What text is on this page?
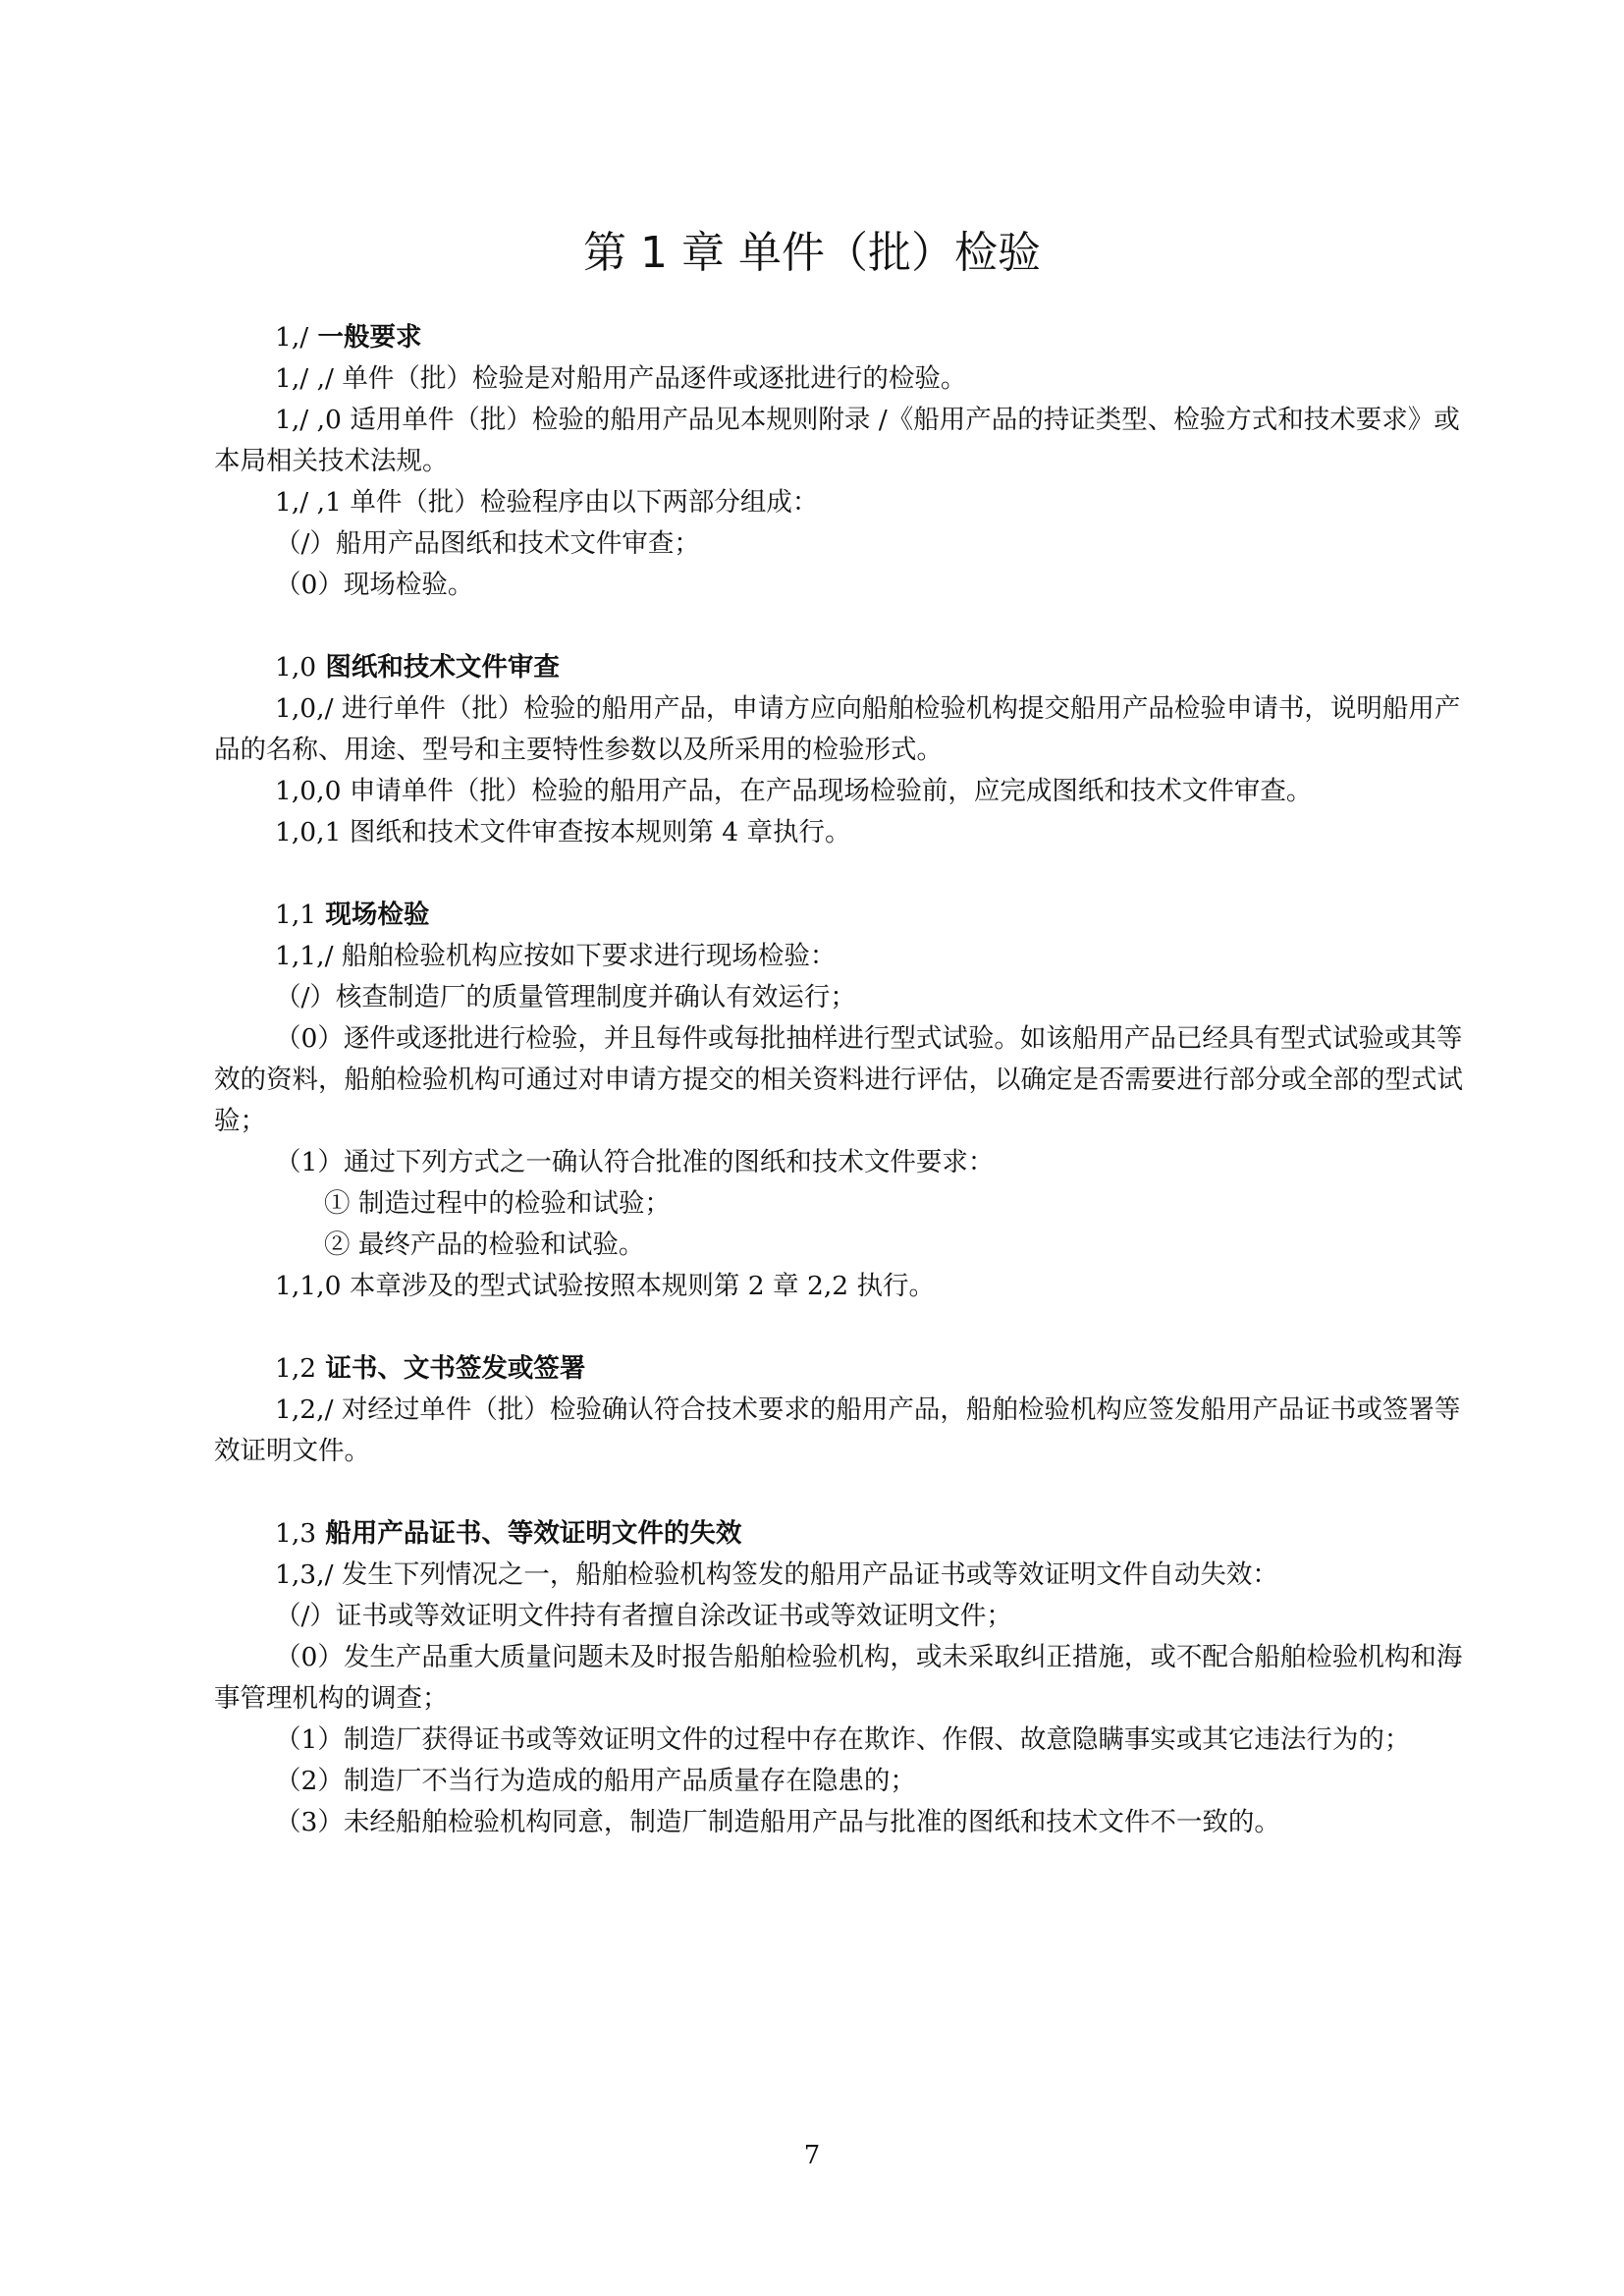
第 1 章 单件（批）检验

1,/ 一般要求

1,/ ,/ 单件（批）检验是对船用产品逐件或逐批进行的检验。

1,/ ,0 适用单件（批）检验的船用产品见本规则附录 /《船用产品的持证类型、检验方式和技术要求》或本局相关技术法规。

1,/ ,1 单件（批）检验程序由以下两部分组成：

（/）船用产品图纸和技术文件审查；

（0）现场检验。

1,0 图纸和技术文件审查

1,0,/ 进行单件（批）检验的船用产品，申请方应向船舶检验机构提交船用产品检验申请书，说明船用产品的名称、用途、型号和主要特性参数以及所采用的检验形式。

1,0,0 申请单件（批）检验的船用产品，在产品现场检验前，应完成图纸和技术文件审查。

1,0,1 图纸和技术文件审查按本规则第 4 章执行。

1,1 现场检验

1,1,/ 船舶检验机构应按如下要求进行现场检验：

（/）核查制造厂的质量管理制度并确认有效运行；

（0）逐件或逐批进行检验，并且每件或每批抽样进行型式试验。如该船用产品已经具有型式试验或其等效的资料，船舶检验机构可通过对申请方提交的相关资料进行评估，以确定是否需要进行部分或全部的型式试验；

（1）通过下列方式之一确认符合批准的图纸和技术文件要求：

① 制造过程中的检验和试验；

② 最终产品的检验和试验。

1,1,0 本章涉及的型式试验按照本规则第 2 章 2,2 执行。

1,2 证书、文书签发或签署

1,2,/ 对经过单件（批）检验确认符合技术要求的船用产品，船舶检验机构应签发船用产品证书或签署等效证明文件。

1,3 船用产品证书、等效证明文件的失效

1,3,/ 发生下列情况之一，船舶检验机构签发的船用产品证书或等效证明文件自动失效：

（/）证书或等效证明文件持有者擅自涂改证书或等效证明文件；

（0）发生产品重大质量问题未及时报告船舶检验机构，或未采取纠正措施，或不配合船舶检验机构和海事管理机构的调查；

（1）制造厂获得证书或等效证明文件的过程中存在欺诈、作假、故意隐瞒事实或其它违法行为的；

（2）制造厂不当行为造成的船用产品质量存在隐患的；

（3）未经船舶检验机构同意，制造厂制造船用产品与批准的图纸和技术文件不一致的。

7
